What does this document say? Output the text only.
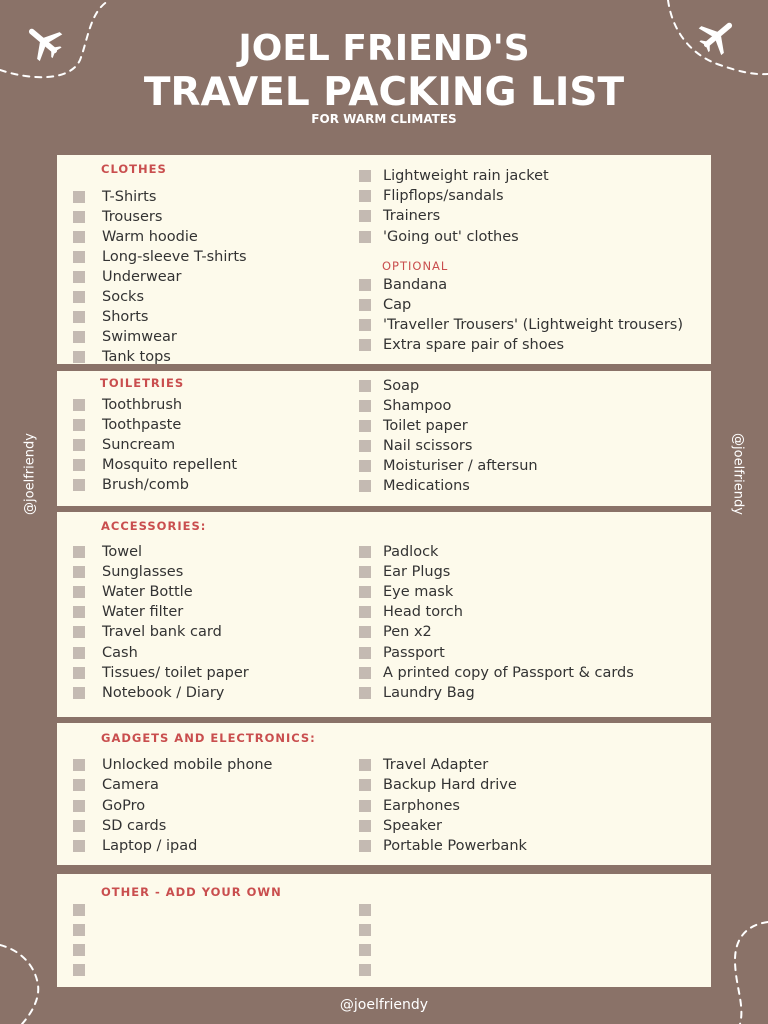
JOEL FRIEND'S
TRAVEL PACKING LIST
FOR WARM CLIMATES
@joelfriendy	@joelfriendy
CLOTHES
T-Shirts
Trousers
Warm hoodie
Long-sleeve T-shirts
Underwear
Socks
Shorts
Swimwear
Tank tops
Lightweight rain jacket
Flipflops/sandals
Trainers
'Going out' clothes
OPTIONAL
Bandana
Cap
'Traveller Trousers' (Lightweight trousers)
Extra spare pair of shoes
TOILETRIES
Toothbrush
Toothpaste
Suncream
Mosquito repellent
Brush/comb
Soap
Shampoo
Toilet paper
Nail scissors
Moisturiser / aftersun
Medications
ACCESSORIES:
Towel
Sunglasses
Water Bottle
Water filter
Travel bank card
Cash
Tissues/ toilet paper
Notebook / Diary
Padlock
Ear Plugs
Eye mask
Head torch
Pen x2
Passport
A printed copy of Passport & cards
Laundry Bag
GADGETS AND ELECTRONICS:
Unlocked mobile phone
Camera
GoPro
SD cards
Laptop / ipad
Travel Adapter
Backup Hard drive
Earphones
Speaker
Portable Powerbank
OTHER - ADD YOUR OWN
@joelfriendy
